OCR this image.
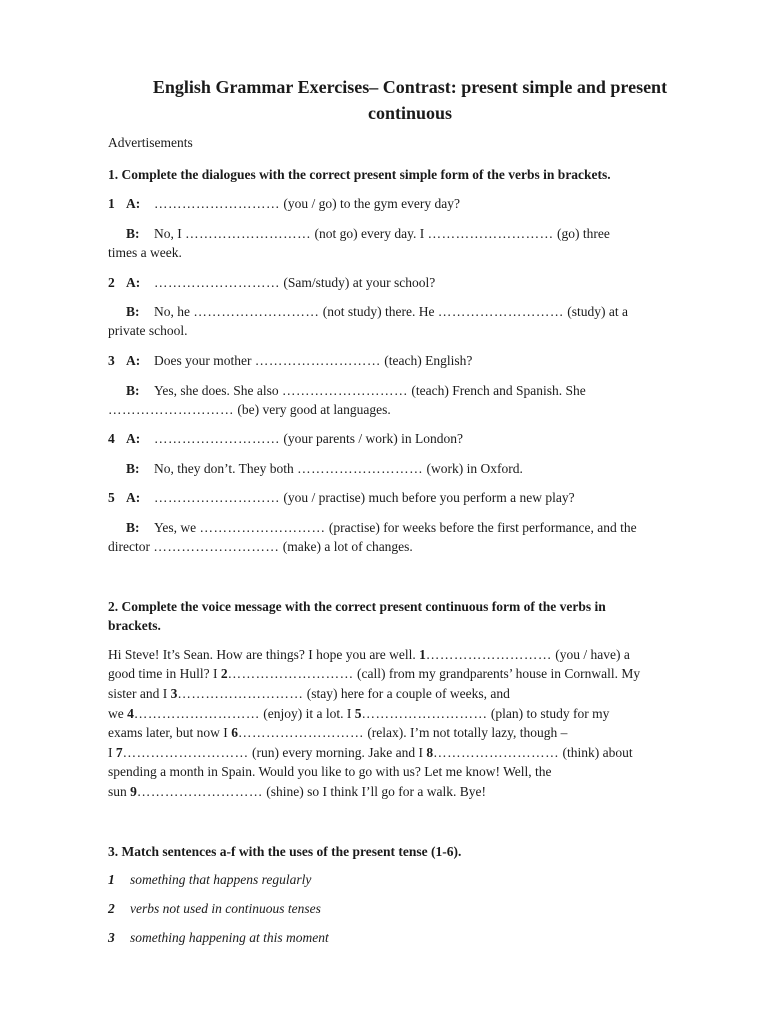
English Grammar Exercises– Contrast: present simple and present
continuous
Advertisements
1. Complete the dialogues with the correct present simple form of the verbs in brackets.
1 A: ……………………… (you / go) to the gym every day?
B: No, I ……………………… (not go) every day. I ……………………… (go) three
times a week.
2 A: ……………………… (Sam/study) at your school?
B: No, he ……………………… (not study) there. He ……………………… (study) at a
private school.
3 A: Does your mother ……………………… (teach) English?
B: Yes, she does. She also ……………………… (teach) French and Spanish. She
……………………… (be) very good at languages.
4 A: ……………………… (your parents / work) in London?
B: No, they don’t. They both ……………………… (work) in Oxford.
5 A: ……………………… (you / practise) much before you perform a new play?
B: Yes, we ……………………… (practise) for weeks before the first performance, and the
director ……………………… (make) a lot of changes.
2. Complete the voice message with the correct present continuous form of the verbs in
brackets.
Hi Steve! It’s Sean. How are things? I hope you are well. 1……………………… (you / have) a
good time in Hull? I 2……………………… (call) from my grandparents’ house in Cornwall. My
sister and I 3……………………… (stay) here for a couple of weeks, and
we 4……………………… (enjoy) it a lot. I 5……………………… (plan) to study for my
exams later, but now I 6……………………… (relax). I’m not totally lazy, though –
I 7……………………… (run) every morning. Jake and I 8……………………… (think) about
spending a month in Spain. Would you like to go with us? Let me know! Well, the
sun 9……………………… (shine) so I think I’ll go for a walk. Bye!
3. Match sentences a-f with the uses of the present tense (1-6).
1 something that happens regularly
2 verbs not used in continuous tenses
3 something happening at this moment
